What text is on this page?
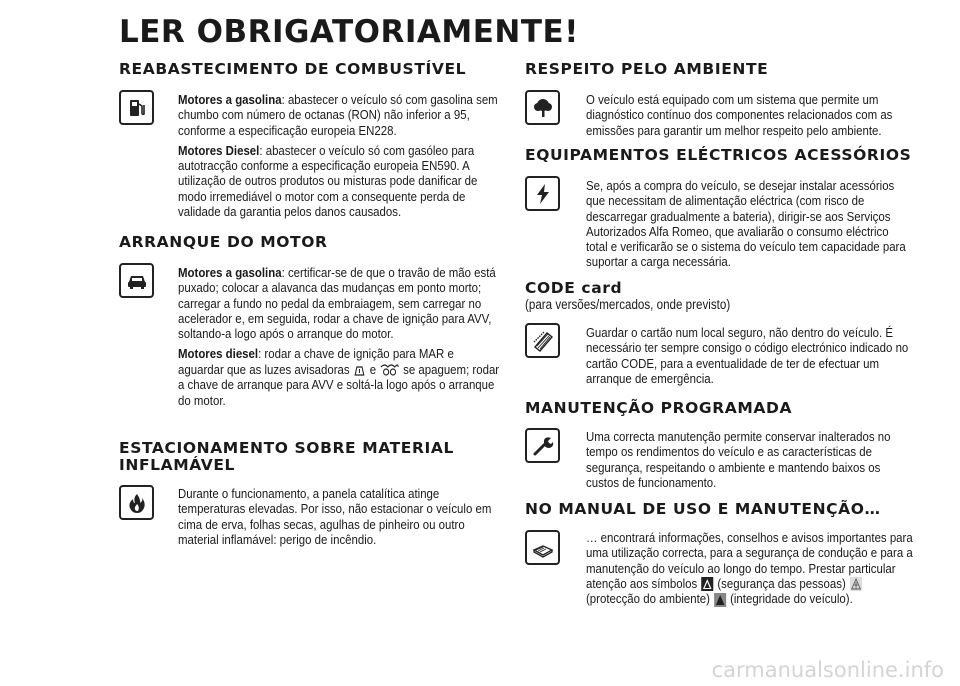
LER OBRIGATORIAMENTE!
REABASTECIMENTO DE COMBUSTÍVEL

Motores a gasolina: abastecer o veículo só com gasolina sem chumbo com número de octanas (RON) não inferior a 95, conforme a especificação europeia EN228.

Motores Diesel: abastecer o veículo só com gasóleo para autotracção conforme a especificação europeia EN590. A utilização de outros produtos ou misturas pode danificar de modo irremediável o motor com a consequente perda de validade da garantia pelos danos causados.

ARRANQUE DO MOTOR

Motores a gasolina: certificar-se de que o travão de mão está puxado; colocar a alavanca das mudanças em ponto morto; carregar a fundo no pedal da embraiagem, sem carregar no acelerador e, em seguida, rodar a chave de ignição para AVV, soltando-a logo após o arranque do motor.

Motores diesel: rodar a chave de ignição para MAR e aguardar que as luzes avisadoras  e  se apaguem; rodar a chave de arranque para AVV e soltá-la logo após o arranque do motor.

ESTACIONAMENTO SOBRE MATERIAL INFLAMÁVEL
Durante o funcionamento, a panela catalítica atinge temperaturas elevadas. Por isso, não estacionar o veículo em cima de erva, folhas secas, agulhas de pinheiro ou outro material inflamável: perigo de incêndio.
RESPEITO PELO AMBIENTE
O veículo está equipado com um sistema que permite um diagnóstico contínuo dos componentes relacionados com as emissões para garantir um melhor respeito pelo ambiente.
EQUIPAMENTOS ELÉCTRICOS ACESSÓRIOS
Se, após a compra do veículo, se desejar instalar acessórios que necessitam de alimentação eléctrica (com risco de descarregar gradualmente a bateria), dirigir-se aos Serviços Autorizados Alfa Romeo, que avaliarão o consumo eléctrico total e verificarão se o sistema do veículo tem capacidade para suportar a carga necessária.
CODE card
(para versões/mercados, onde previsto)
Guardar o cartão num local seguro, não dentro do veículo. É necessário ter sempre consigo o código electrónico indicado no cartão CODE, para a eventualidade de ter de efectuar um arranque de emergência.
MANUTENÇÃO PROGRAMADA
Uma correcta manutenção permite conservar inalterados no tempo os rendimentos do veículo e as características de segurança, respeitando o ambiente e mantendo baixos os custos de funcionamento.
NO MANUAL DE USO E MANUTENÇÃO…
… encontrará informações, conselhos e avisos importantes para uma utilização correcta, para a segurança de condução e para a manutenção do veículo ao longo do tempo. Prestar particular atenção aos símbolos  (segurança das pessoas)  (protecção do ambiente)  (integridade do veículo).
carmanualsonline.info
